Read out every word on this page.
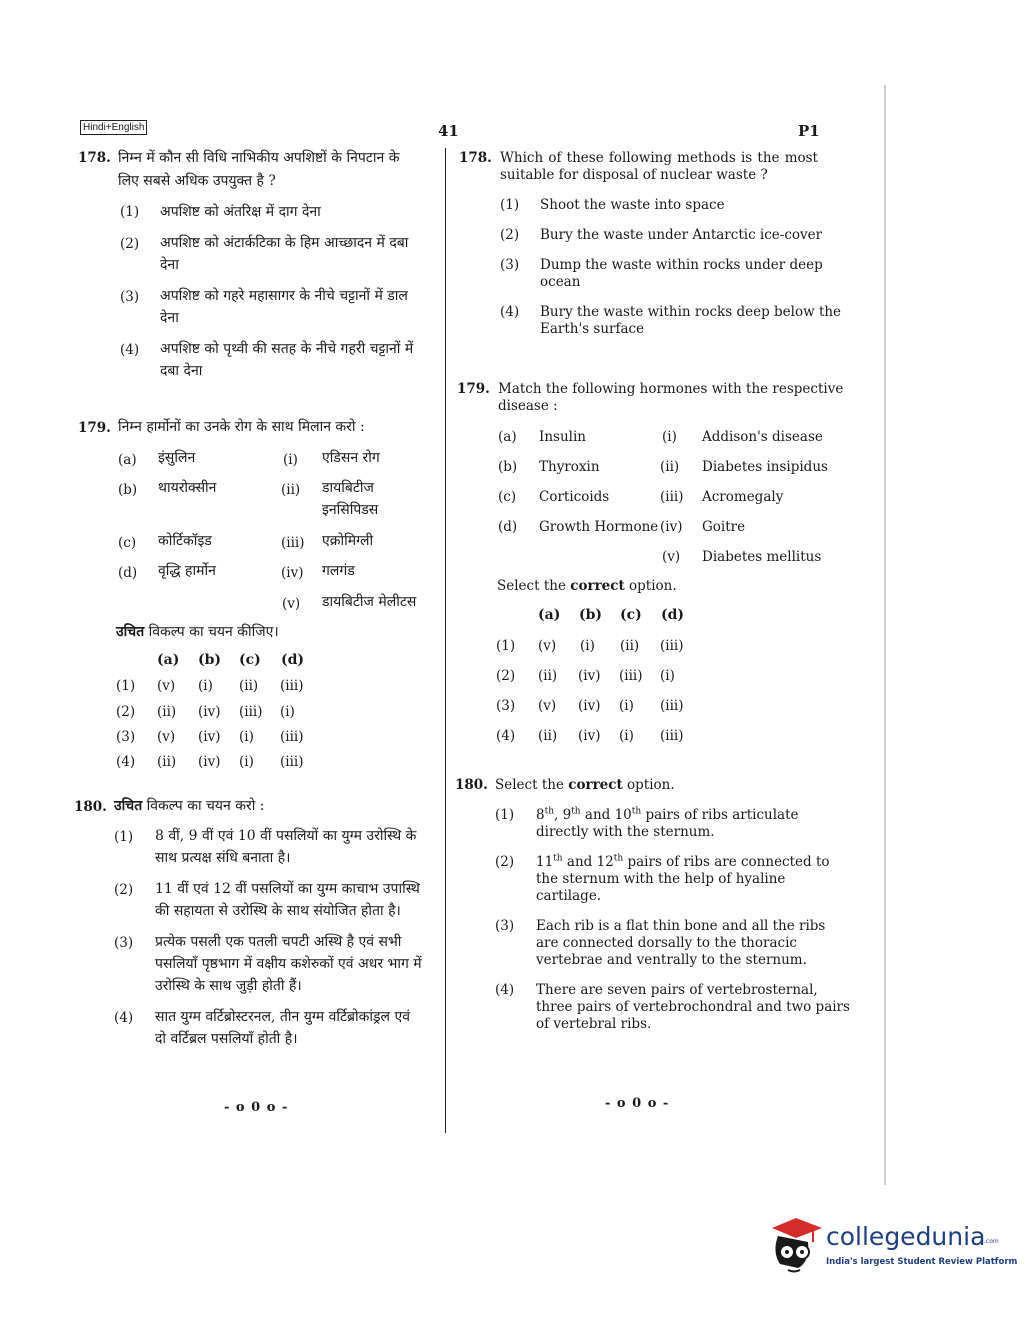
Hindi+English	41	P1
178. निम्न में कौन सी विधि नाभिकीय अपशिष्टों के निपटान के
लिए सबसे अधिक उपयुक्त है ?
(1) अपशिष्ट को अंतरिक्ष में दाग देना
(2) अपशिष्ट को अंटार्कटिका के हिम आच्छादन में दबा
देना
(3) अपशिष्ट को गहरे महासागर के नीचे चट्टानों में डाल
देना
(4) अपशिष्ट को पृथ्वी की सतह के नीचे गहरी चट्टानों में
दबा देना
179. निम्न हार्मोनों का उनके रोग के साथ मिलान करो :
(a) इंसुलिन	(i) एडिसन रोग
(b) थायरोक्सीन	(ii) डायबिटीज
इनसिपिडस
(c) कोर्टिकॉइड	(iii) एक्रोमिग्ली
(d) वृद्धि हार्मोन	(iv) गलगंड
(v) डायबिटीज मेलीटस
उचित विकल्प का चयन कीजिए।
(a) (b) (c) (d)
(1) (v) (i) (ii) (iii)
(2) (ii) (iv) (iii) (i)
(3) (v) (iv) (i) (iii)
(4) (ii) (iv) (i) (iii)
180. उचित विकल्प का चयन करो :
(1) 8 वीं, 9 वीं एवं 10 वीं पसलियों का युग्म उरोस्थि के
साथ प्रत्यक्ष संधि बनाता है।
(2) 11 वीं एवं 12 वीं पसलियों का युग्म काचाभ उपास्थि
की सहायता से उरोस्थि के साथ संयोजित होता है।
(3) प्रत्येक पसली एक पतली चपटी अस्थि है एवं सभी
पसलियाँ पृष्ठभाग में वक्षीय कशेरुकों एवं अधर भाग में
उरोस्थि के साथ जुड़ी होती हैं।
(4) सात युग्म वर्टिब्रोस्टरनल, तीन युग्म वर्टिब्रोकांड्रल एवं
दो वर्टिब्रल पसलियाँ होती है।
- o 0 o -
178. Which of these following methods is the most
suitable for disposal of nuclear waste ?
(1) Shoot the waste into space
(2) Bury the waste under Antarctic ice-cover
(3) Dump the waste within rocks under deep
ocean
(4) Bury the waste within rocks deep below the
Earth's surface
179. Match the following hormones with the respective
disease :
(a) Insulin	(i) Addison's disease
(b) Thyroxin	(ii) Diabetes insipidus
(c) Corticoids	(iii) Acromegaly
(d) Growth Hormone (iv) Goitre
(v) Diabetes mellitus
Select the correct option.
(a) (b) (c) (d)
(1) (v) (i) (ii) (iii)
(2) (ii) (iv) (iii) (i)
(3) (v) (iv) (i) (iii)
(4) (ii) (iv) (i) (iii)
180. Select the correct option.
(1) 8th, 9th and 10th pairs of ribs articulate
directly with the sternum.
(2) 11th and 12th pairs of ribs are connected to
the sternum with the help of hyaline
cartilage.
(3) Each rib is a flat thin bone and all the ribs
are connected dorsally to the thoracic
vertebrae and ventrally to the sternum.
(4) There are seven pairs of vertebrosternal,
three pairs of vertebrochondral and two pairs
of vertebral ribs.
- o 0 o -
collegedunia
.com
India's largest Student Review Platform
